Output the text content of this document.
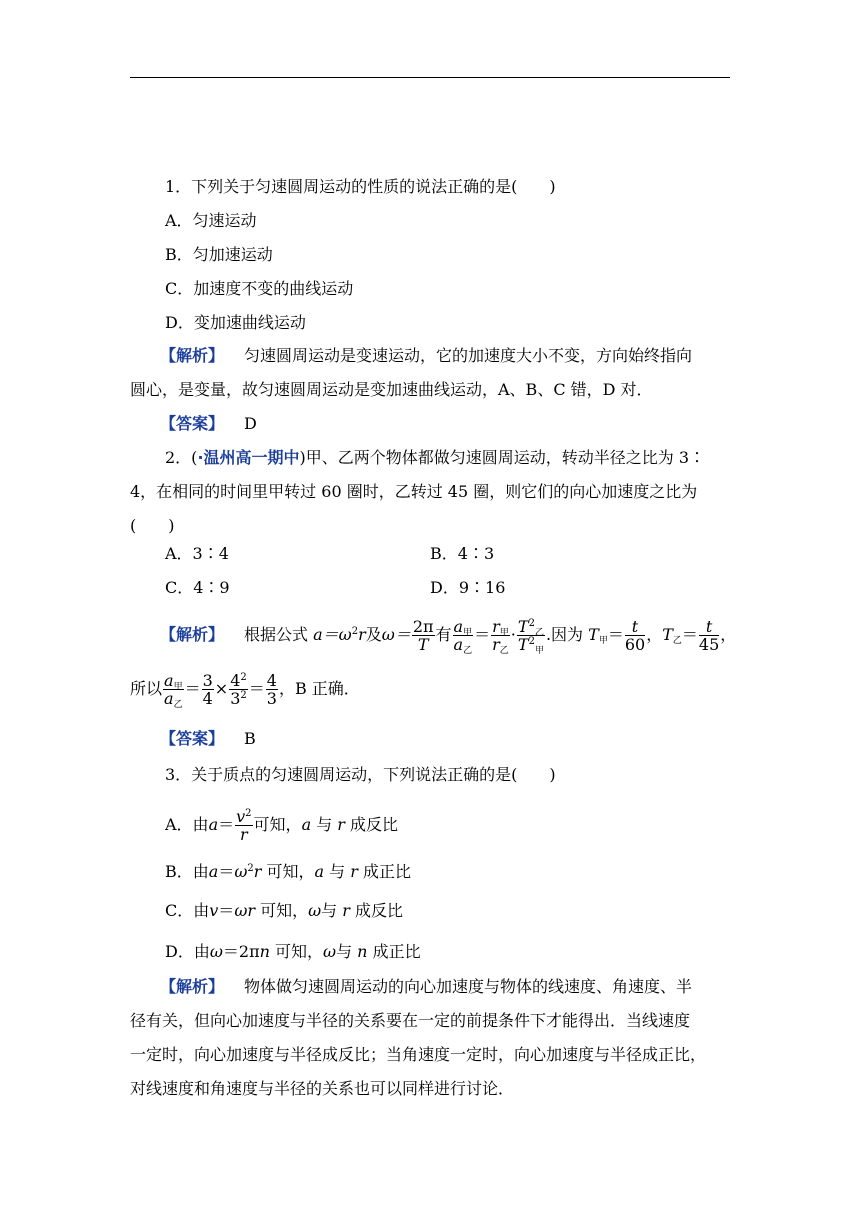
1．下列关于匀速圆周运动的性质的说法正确的是(　　)
A．匀速运动
B．匀加速运动
C．加速度不变的曲线运动
D．变加速曲线运动
【解析】 匀速圆周运动是变速运动，它的加速度大小不变，方向始终指向
圆心，是变量，故匀速圆周运动是变加速曲线运动，A、B、C 错，D 对．
【答案】 D
2．(·温州高一期中)甲、乙两个物体都做匀速圆周运动，转动半径之比为 3∶
4，在相同的时间里甲转过 60 圈时，乙转过 45 圈，则它们的向心加速度之比为
(　　)
A．3∶4	B．4∶3
C．4∶9	D．9∶16
【解析】 根据公式 $a=\omega^2r$及$\omega= \frac{2\pi}{T}$ 有 $\frac{a_甲}{a_乙} = \frac{r_甲}{r_乙} \cdot \frac{T^2_乙}{T^2_甲}$ .因为 $T_甲= \frac{t}{60}$ ，$T_乙= \frac{t}{45}$ ，
所以 $\frac{a_甲}{a_乙} = \frac{3}{4} \times \frac{4^2}{3^2} = \frac{4}{3}$ ，B 正确．
【答案】 B
3．关于质点的匀速圆周运动，下列说法正确的是(　　)
A．由$a= \frac{v^2}{r}$ 可知，a 与 r 成反比
B．由$a=\omega^2r$ 可知，a 与 r 成正比
C．由v＝ωr 可知，ω与 r 成反比
D．由ω＝2πn 可知，ω与 n 成正比
【解析】 物体做匀速圆周运动的向心加速度与物体的线速度、角速度、半
径有关，但向心加速度与半径的关系要在一定的前提条件下才能得出．当线速度
一定时，向心加速度与半径成反比；当角速度一定时，向心加速度与半径成正比，
对线速度和角速度与半径的关系也可以同样进行讨论．
